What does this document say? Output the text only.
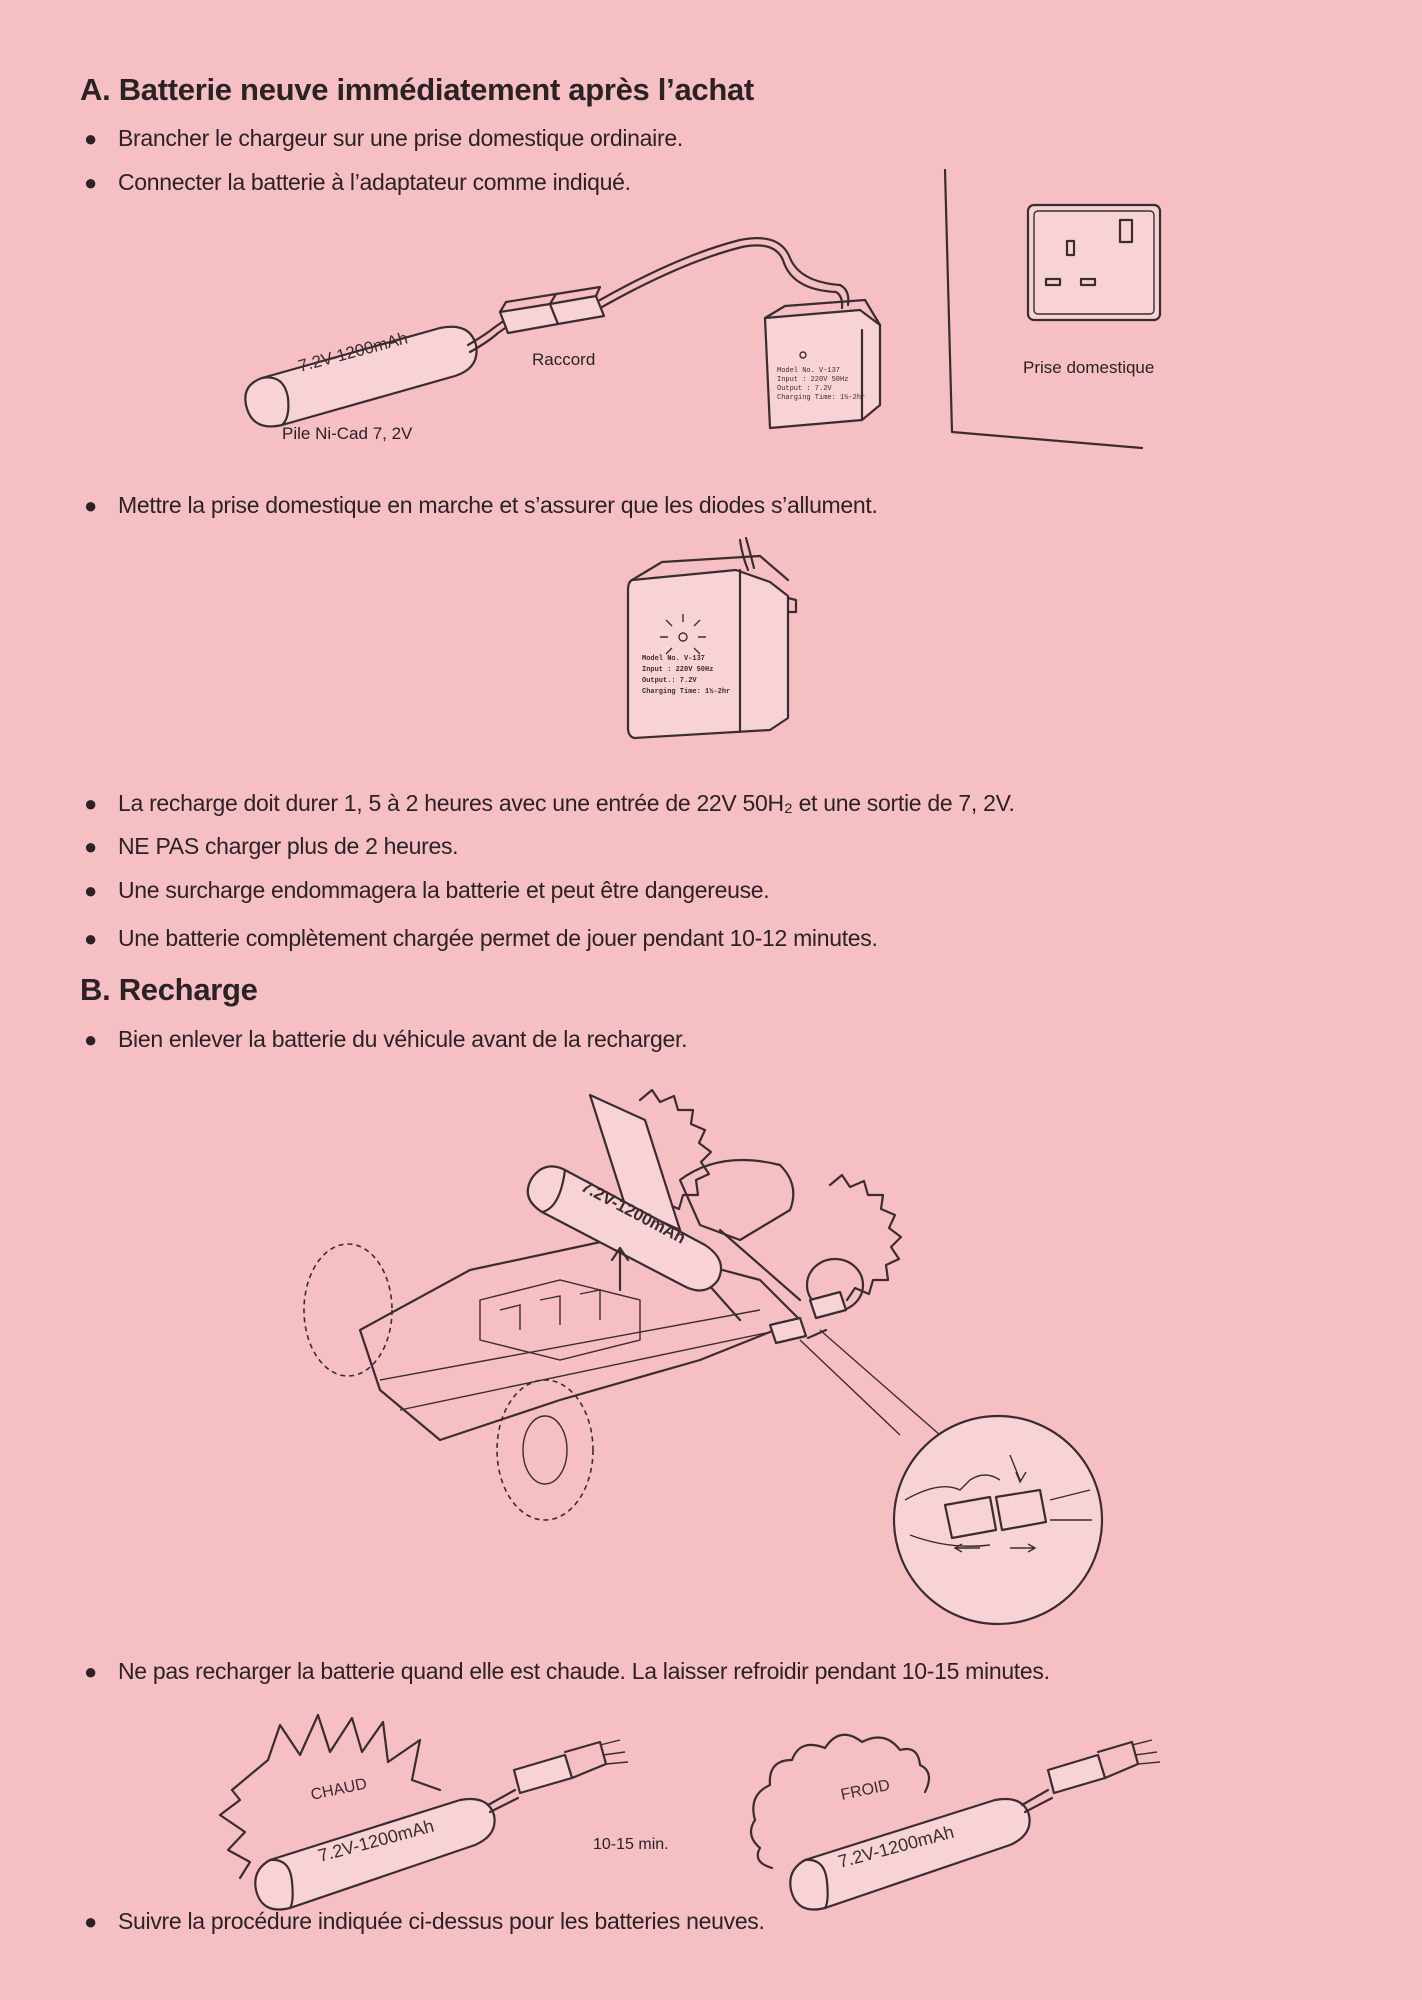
A. Batterie neuve immédiatement après l’achat
● Brancher le chargeur sur une prise domestique ordinaire.
● Connecter la batterie à l’adaptateur comme indiqué.
7.2V-1200mAh	Model No. V-137
Input : 220V 50Hz
Output : 7.2V
Charging Time: 1½-2hr
Raccord
Pile Ni-Cad 7, 2V
Prise domestique
● Mettre la prise domestique en marche et s’assurer que les diodes s’allument.
Model No. V-137
Input : 220V 50Hz
Output.: 7.2V
Charging Time: 1½-2hr
● La recharge doit durer 1, 5 à 2 heures avec une entrée de 22V 50H₂ et une sortie de 7, 2V.
● NE PAS charger plus de 2 heures.
● Une surcharge endommagera la batterie et peut être dangereuse.
● Une batterie complètement chargée permet de jouer pendant 10-12 minutes.
B. Recharge
● Bien enlever la batterie du véhicule avant de la recharger.
7.2V-1200mAh
● Ne pas recharger la batterie quand elle est chaude. La laisser refroidir pendant 10-15 minutes.
CHAUD
7.2V-1200mAh
FROID
7.2V-1200mAh
10-15 min.
● Suivre la procédure indiquée ci-dessus pour les batteries neuves.
